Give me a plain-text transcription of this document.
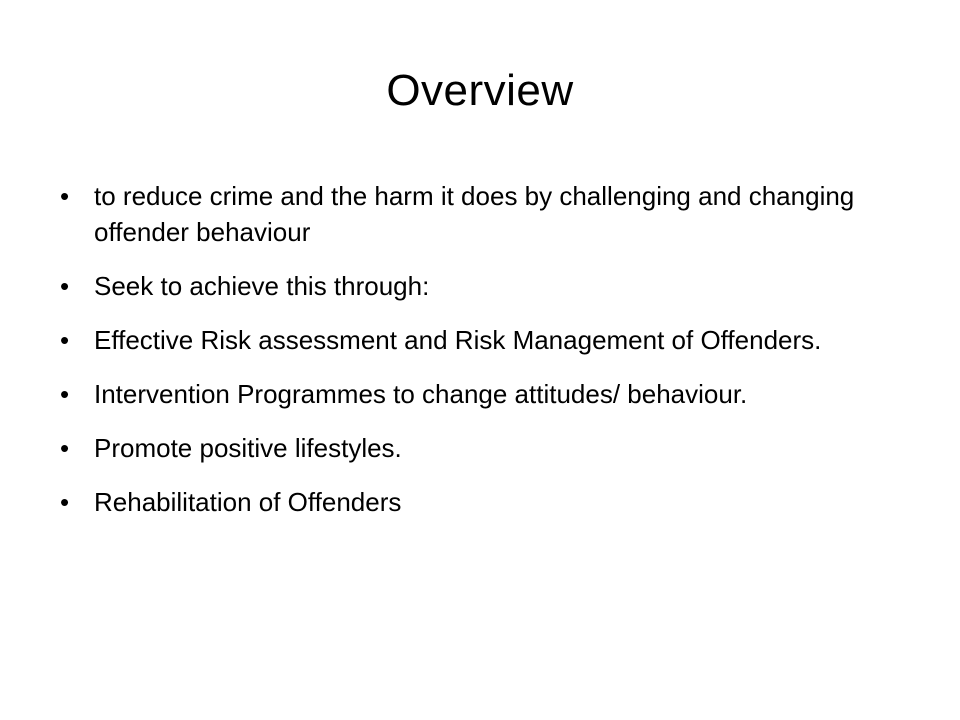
Overview
• to reduce crime and the harm it does by challenging and changing offender behaviour
• Seek to achieve this through:
• Effective Risk assessment and Risk Management of Offenders.
• Intervention Programmes to change attitudes/ behaviour.
• Promote positive lifestyles.
• Rehabilitation of Offenders
